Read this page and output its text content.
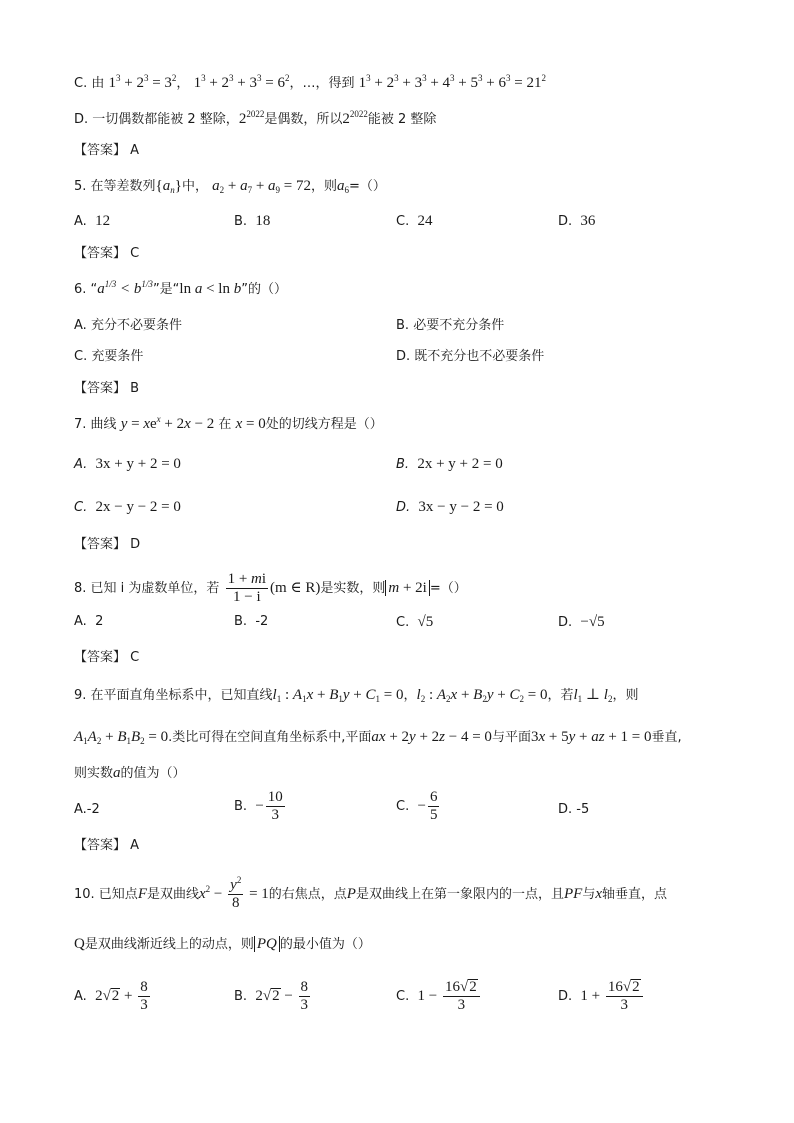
C. 由 $1^3 + 2^3 = 3^2$， $1^3 + 2^3 + 3^3 = 6^2$，…，得到 $1^3 + 2^3 + 3^3 + 4^3 + 5^3 + 6^3 = 21^2$
D. 一切偶数都能被 2 整除，$2^{2022}$是偶数，所以$2^{2022}$能被 2 整除
【答案】 A
5. 在等差数列$\{a_n\}$中， $a_2 + a_7 + a_9 = 72$，则$a_6=()$
A. 12	B. 18	C. 24	D. 36
【答案】 C
6. “$a^{1/3} < b^{1/3}$”是“ln a < ln b”的（）
A. 充分不必要条件	B. 必要不充分条件
C. 充要条件	D. 既不充分也不必要条件
【答案】 B
7. 曲线 $y = xe^x + 2x - 2$ 在 x = 0处的切线方程是（）
A. 3x + y + 2 = 0	B. 2x + y + 2 = 0
C. 2x − y − 2 = 0	D. 3x − y − 2 = 0
【答案】 D
8. 已知 i 为虚数单位，若 $\frac{1 + mi}{1 - i} (m$ ∈ R)是实数，则 m + 2i =（）
A. 2	B. -2	C. √5	D. −√5
【答案】 C
9. 在平面直角坐标系中，已知直线$l_1$ : $A_1x + B_1y + C_1 = 0$，$l_2$ : $A_2x + B_2y + C_2 = 0$，若$l_1$ ⊥ $l_2$，则
$A_1A_2 + B_1B_2 = 0$.类比可得在空间直角坐标系中,平面ax + 2y + 2z − 4 = 0与平面3x + 5y + az + 1 = 0垂直,
则实数a的值为（）
A.-2	B. − $\frac{10}{3}$	C. − $\frac{6}{5}$	D. -5
【答案】 A
10. 已知点F是双曲线$x^2 - \frac{y^2}{8} = 1$的右焦点，点P是双曲线上在第一象限内的一点，且PF与x轴垂直，点
Q是双曲线渐近线上的动点，则 PQ 的最小值为（）
A. $2√2 + \frac{8}{3}$	B. $2√2 - \frac{8}{3}$	C. $1 - \frac{16√2}{3}$	D. $1 + \frac{16√2}{3}$
